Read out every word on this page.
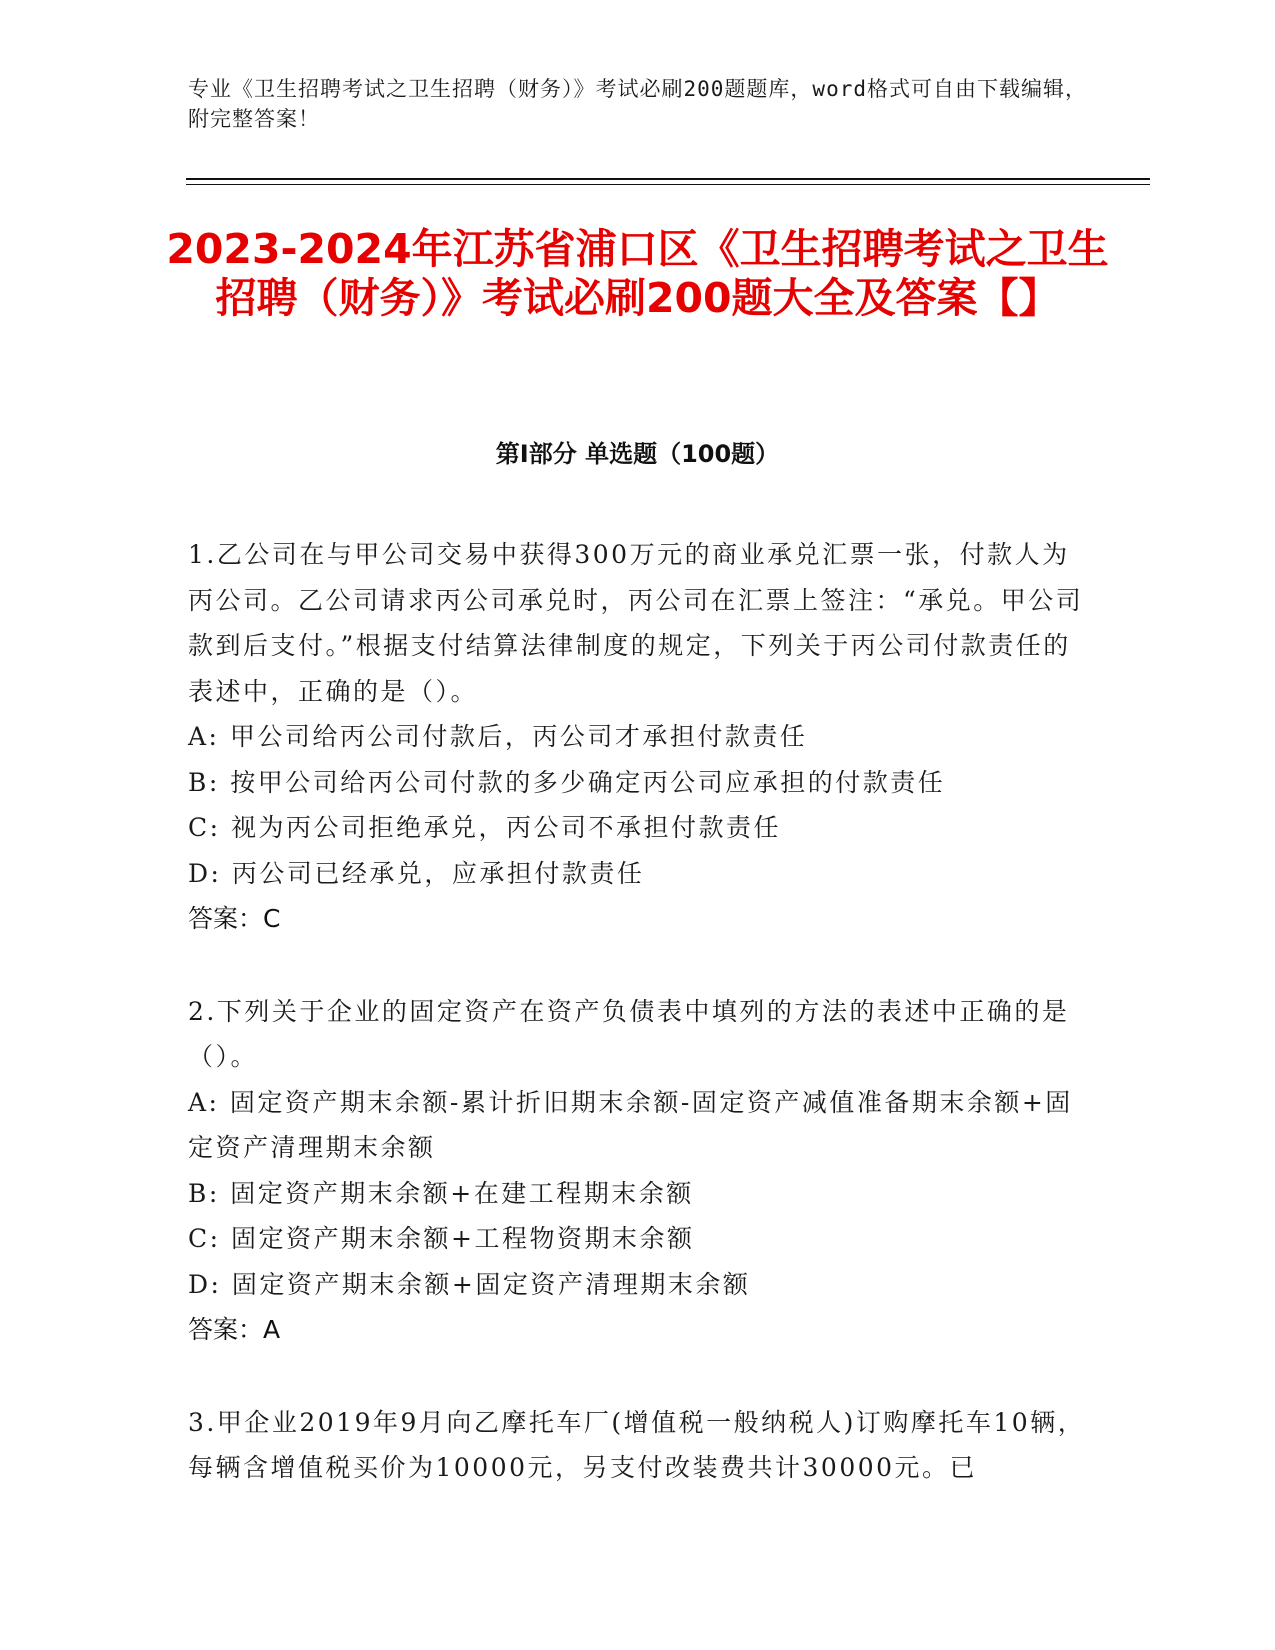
专业《卫生招聘考试之卫生招聘（财务）》考试必刷200题题库，word格式可自由下载编辑，附完整答案！
2023-2024年江苏省浦口区《卫生招聘考试之卫生招聘（财务）》考试必刷200题大全及答案【】
第Ⅰ部分 单选题（100题）
1.乙公司在与甲公司交易中获得300万元的商业承兑汇票一张，付款人为丙公司。乙公司请求丙公司承兑时，丙公司在汇票上签注：“承兑。甲公司款到后支付。”根据支付结算法律制度的规定，下列关于丙公司付款责任的表述中，正确的是（）。
A: 甲公司给丙公司付款后，丙公司才承担付款责任
B: 按甲公司给丙公司付款的多少确定丙公司应承担的付款责任
C: 视为丙公司拒绝承兑，丙公司不承担付款责任
D: 丙公司已经承兑，应承担付款责任
答案：C
2.下列关于企业的固定资产在资产负债表中填列的方法的表述中正确的是（）。
A: 固定资产期末余额-累计折旧期末余额-固定资产减值准备期末余额+固定资产清理期末余额
B: 固定资产期末余额+在建工程期末余额
C: 固定资产期末余额+工程物资期末余额
D: 固定资产期末余额+固定资产清理期末余额
答案：A
3.甲企业2019年9月向乙摩托车厂(增值税一般纳税人)订购摩托车10辆，每辆含增值税买价为10000元，另支付改装费共计30000元。已
